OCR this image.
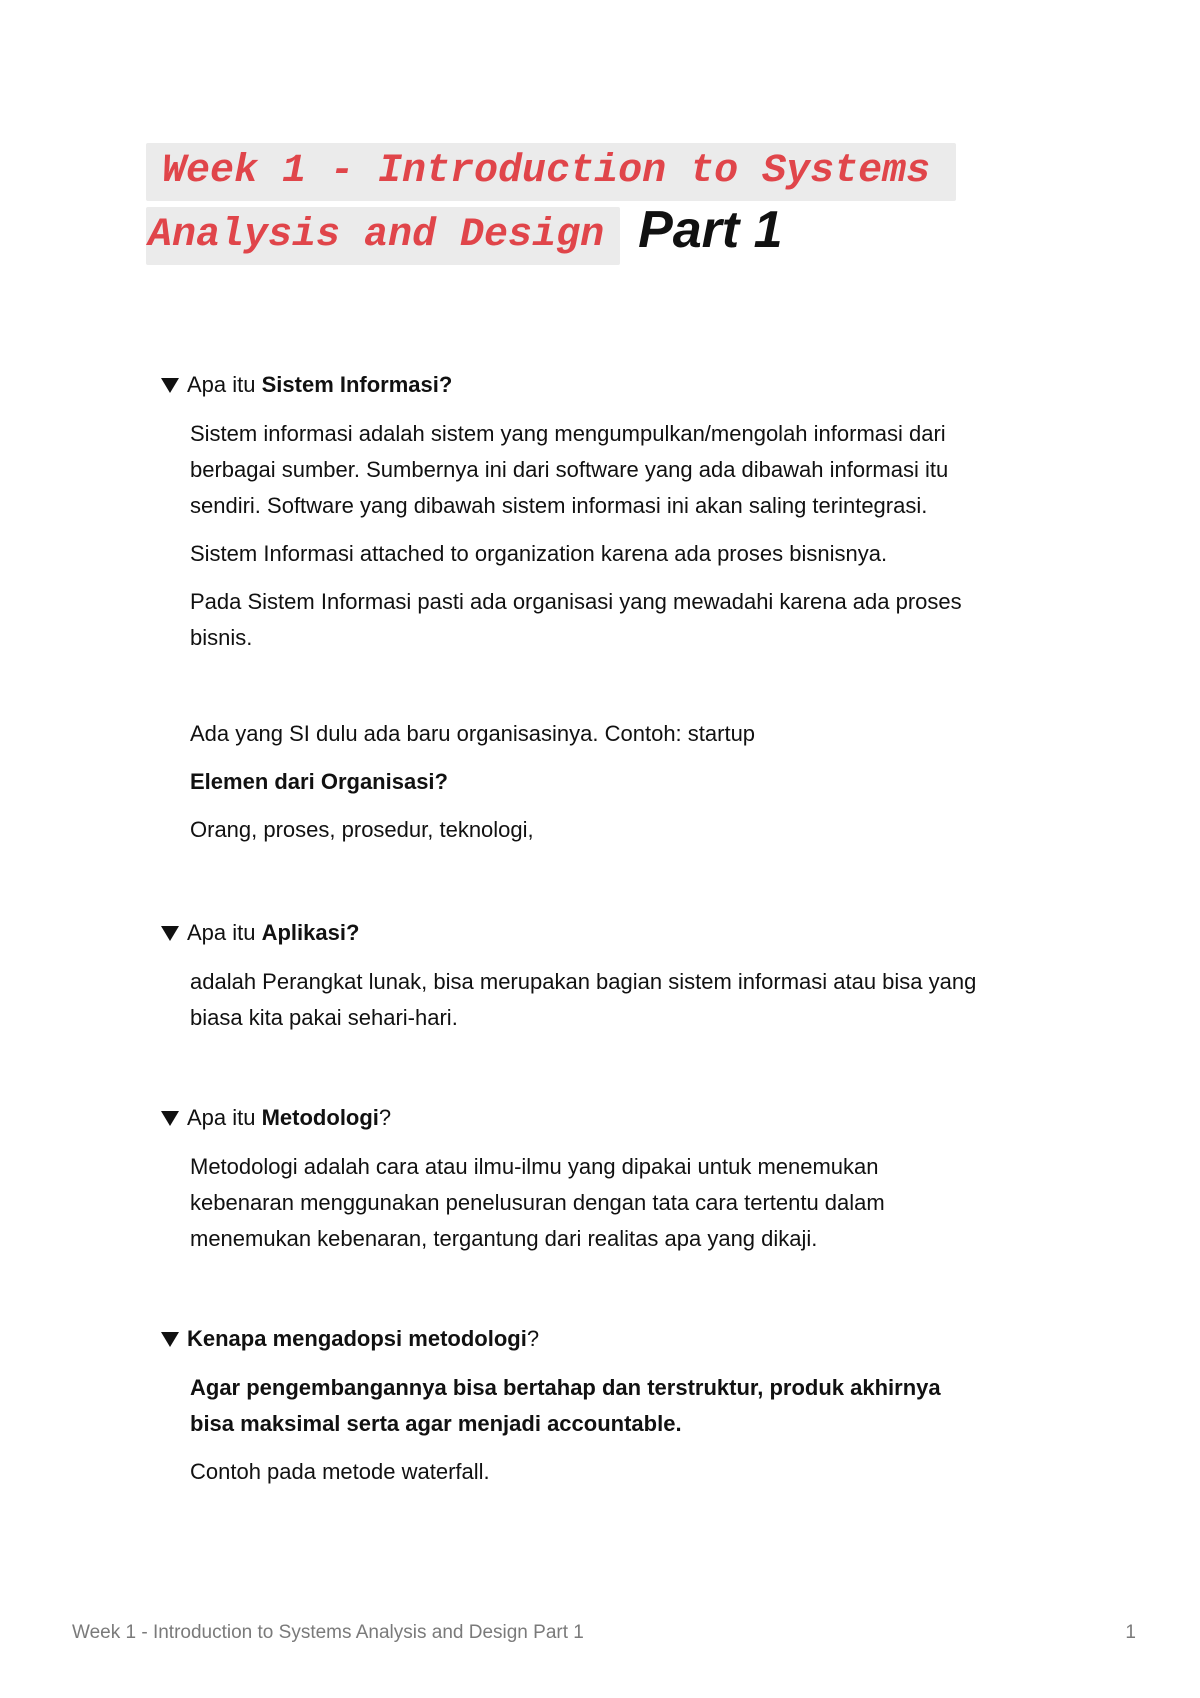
Week 1 - Introduction to Systems
Analysis and Design Part 1
Apa itu Sistem Informasi?

Sistem informasi adalah sistem yang mengumpulkan/mengolah informasi dari

berbagai sumber. Sumbernya ini dari software yang ada dibawah informasi itu

sendiri. Software yang dibawah sistem informasi ini akan saling terintegrasi.

Sistem Informasi attached to organization karena ada proses bisnisnya.

Pada Sistem Informasi pasti ada organisasi yang mewadahi karena ada proses

bisnis.

Ada yang SI dulu ada baru organisasinya. Contoh: startup

Elemen dari Organisasi?

Orang, proses, prosedur, teknologi,

Apa itu Aplikasi?

adalah Perangkat lunak, bisa merupakan bagian sistem informasi atau bisa yang

biasa kita pakai sehari-hari.

Apa itu Metodologi ?

Metodologi adalah cara atau ilmu-ilmu yang dipakai untuk menemukan

kebenaran menggunakan penelusuran dengan tata cara tertentu dalam

menemukan kebenaran, tergantung dari realitas apa yang dikaji.

Kenapa mengadopsi metodologi ?

Agar pengembangannya bisa bertahap dan terstruktur, produk akhirnya

bisa maksimal serta agar menjadi accountable.

Contoh pada metode waterfall.

Week 1 - Introduction to Systems Analysis and Design Part 1	1
